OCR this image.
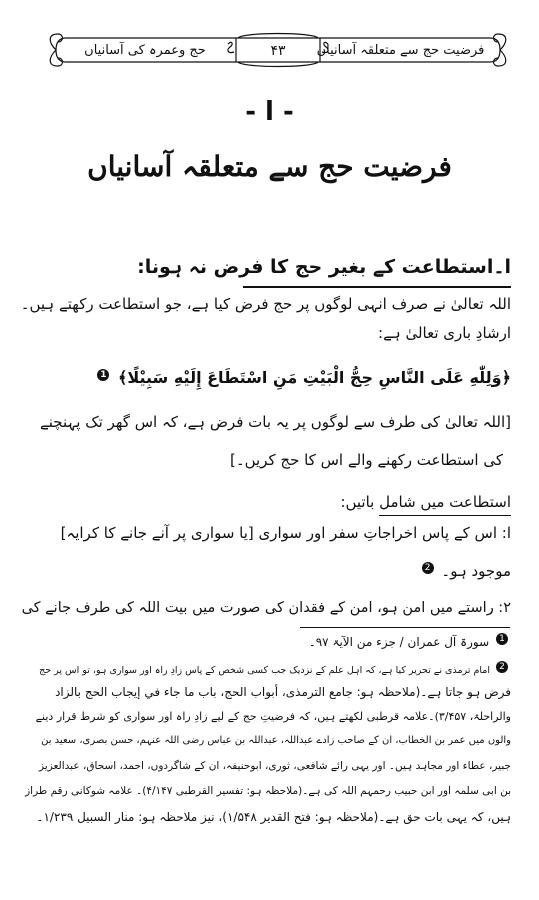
فرضیت حج سے متعلقہ آسانیاں
۴۳
حج وعمرہ کی آسانیاں
- ا -
فرضیت حج سے متعلقہ آسانیاں
ا۔استطاعت کے بغیر حج کا فرض نہ ہونا:
اللہ تعالیٰ نے صرف انہی لوگوں پر حج فرض کیا ہے، جو استطاعت رکھتے ہیں۔
ارشادِ باری تعالیٰ ہے:
﴿وَلِلّٰهِ عَلَى النَّاسِ حِجُّ الْبَيْتِ مَنِ اسْتَطَاعَ إِلَيْهِ سَبِيْلًا﴾ 1
[اللہ تعالیٰ کی طرف سے لوگوں پر یہ بات فرض ہے، کہ اس گھر تک پہنچنے
کی استطاعت رکھنے والے اس کا حج کریں۔]
استطاعت میں شامل باتیں:
ا: اس کے پاس اخراجاتِ سفر اور سواری [یا سواری پر آنے جانے کا کرایہ]
موجود ہو۔ 2
۲: راستے میں امن ہو، امن کے فقدان کی صورت میں بیت اللہ کی طرف جانے کی
1 سورۃ آل عمران / جزء من الآیۃ ۹۷۔
2 امام ترمذی نے تحریر کیا ہے، کہ اہل علم کے نزدیک جب کسی شخص کے پاس زادِ راہ اور سواری ہو، تو اس پر حج
فرض ہو جاتا ہے۔(ملاحظہ ہو: جامع الترمذی، أبواب الحج، باب ما جاء في إیجاب الحج بالزاد
والراحلۃ، ۳/۴۵۷)۔علامہ قرطبی لکھتے ہیں، کہ فرضیتِ حج کے لیے زادِ راہ اور سواری کو شرط قرار دینے
والوں میں عمر بن الخطاب، ان کے صاحب زادے عبداللہ، عبداللہ بن عباس رضی اللہ عنہم، حسن بصری، سعید بن
جبیر، عطاء اور مجاہد ہیں۔ اور یہی رائے شافعی، ثوری، ابوحنیفہ، ان کے شاگردوں، احمد، اسحاق، عبدالعزیز
بن ابی سلمہ اور ابن حبیب رحمہم اللہ کی ہے۔(ملاحظہ ہو: تفسیر القرطبی ۴/۱۴۷)۔ علامہ شوکانی رقم طراز
ہیں، کہ یہی بات حق ہے۔(ملاحظہ ہو: فتح القدیر ۱/۵۴۸)، نیز ملاحظہ ہو: منار السبیل ۱/۲۳۹۔
